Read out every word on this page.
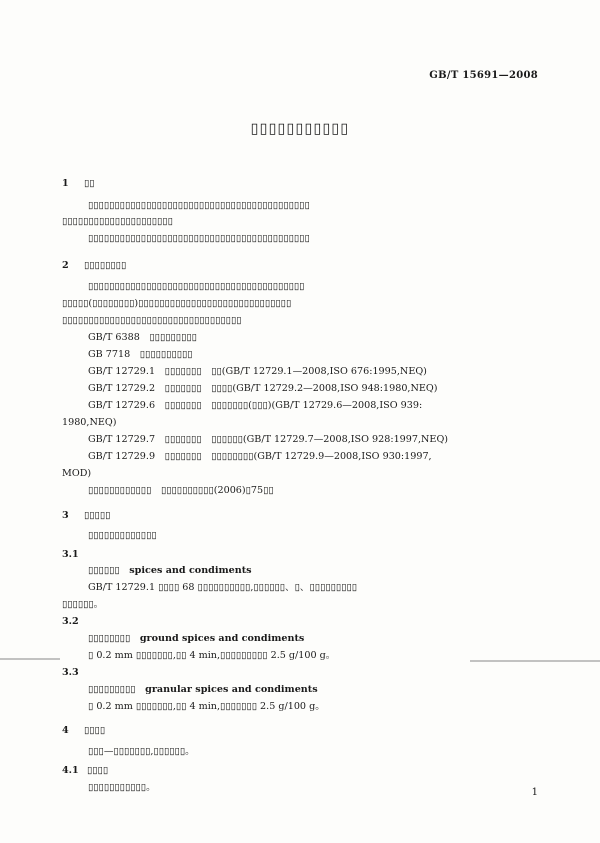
GB/T 15691—2008
▯▯▯▯▯▯▯▯▯▯▯
1 ▯▯
▯▯▯▯▯▯▯▯▯▯▯▯▯▯▯▯▯▯▯▯▯▯▯▯▯▯▯▯▯▯▯▯▯▯▯▯▯▯▯▯▯▯
▯▯▯▯▯▯▯▯▯▯▯▯▯▯▯▯▯▯▯▯▯
▯▯▯▯▯▯▯▯▯▯▯▯▯▯▯▯▯▯▯▯▯▯▯▯▯▯▯▯▯▯▯▯▯▯▯▯▯▯▯▯▯▯
2 ▯▯▯▯▯▯▯▯
▯▯▯▯▯▯▯▯▯▯▯▯▯▯▯▯▯▯▯▯▯▯▯▯▯▯▯▯▯▯▯▯▯▯▯▯▯▯▯▯▯
▯▯▯▯▯(▯▯▯▯▯▯▯▯)▯▯▯▯▯▯▯▯▯▯▯▯▯▯▯▯▯▯▯▯▯▯▯▯▯▯▯▯▯
▯▯▯▯▯▯▯▯▯▯▯▯▯▯▯▯▯▯▯▯▯▯▯▯▯▯▯▯▯▯▯▯▯▯
GB/T 6388　▯▯▯▯▯▯▯▯▯
GB 7718　▯▯▯▯▯▯▯▯▯▯
GB/T 12729.1　▯▯▯▯▯▯▯　▯▯(GB/T 12729.1—2008,ISO 676:1995,NEQ)
GB/T 12729.2　▯▯▯▯▯▯▯　▯▯▯▯(GB/T 12729.2—2008,ISO 948:1980,NEQ)
GB/T 12729.6　▯▯▯▯▯▯▯　▯▯▯▯▯▯▯(▯▯▯)(GB/T 12729.6—2008,ISO 939:
1980,NEQ)
GB/T 12729.7　▯▯▯▯▯▯▯　▯▯▯▯▯▯(GB/T 12729.7—2008,ISO 928:1997,NEQ)
GB/T 12729.9　▯▯▯▯▯▯▯　▯▯▯▯▯▯▯▯(GB/T 12729.9—2008,ISO 930:1997,
MOD)
▯▯▯▯▯▯▯▯▯▯▯▯　▯▯▯▯▯▯▯▯▯▯(2006)▯75▯▯
3 ▯▯▯▯▯
▯▯▯▯▯▯▯▯▯▯▯▯▯
3.1
▯▯▯▯▯▯　spices and condiments
GB/T 12729.1 ▯▯▯▯ 68 ▯▯▯▯▯▯▯▯▯▯,▯▯▯▯▯▯、▯、▯▯▯▯▯▯▯▯▯
▯▯▯▯▯▯。
3.2
▯▯▯▯▯▯▯▯　ground spices and condiments
▯ 0.2 mm ▯▯▯▯▯▯▯,▯▯ 4 min,▯▯▯▯▯▯▯▯▯ 2.5 g/100 g。
3.3
▯▯▯▯▯▯▯▯▯　granular spices and condiments
▯ 0.2 mm ▯▯▯▯▯▯▯,▯▯ 4 min,▯▯▯▯▯▯▯ 2.5 g/100 g。
4 ▯▯▯▯
▯▯▯—▯▯▯▯▯▯▯,▯▯▯▯▯▯。
4.1 ▯▯▯▯
▯▯▯▯▯▯▯▯▯▯▯。	1
